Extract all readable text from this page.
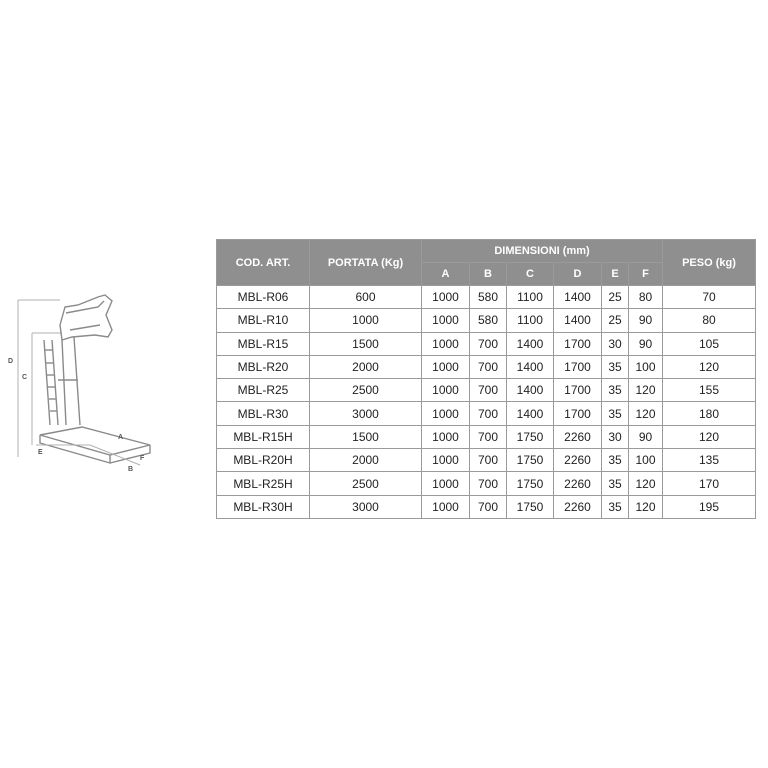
D
C
A
F
B
E
COD. ART.	PORTATA (Kg)	DIMENSIONI (mm)						PESO (kg)
		A	B	C	D	E	F	
MBL-R06	600	1000	580	1100	1400	25	80	70
MBL-R10	1000	1000	580	1100	1400	25	90	80
MBL-R15	1500	1000	700	1400	1700	30	90	105
MBL-R20	2000	1000	700	1400	1700	35	100	120
MBL-R25	2500	1000	700	1400	1700	35	120	155
MBL-R30	3000	1000	700	1400	1700	35	120	180
MBL-R15H	1500	1000	700	1750	2260	30	90	120
MBL-R20H	2000	1000	700	1750	2260	35	100	135
MBL-R25H	2500	1000	700	1750	2260	35	120	170
MBL-R30H	3000	1000	700	1750	2260	35	120	195
